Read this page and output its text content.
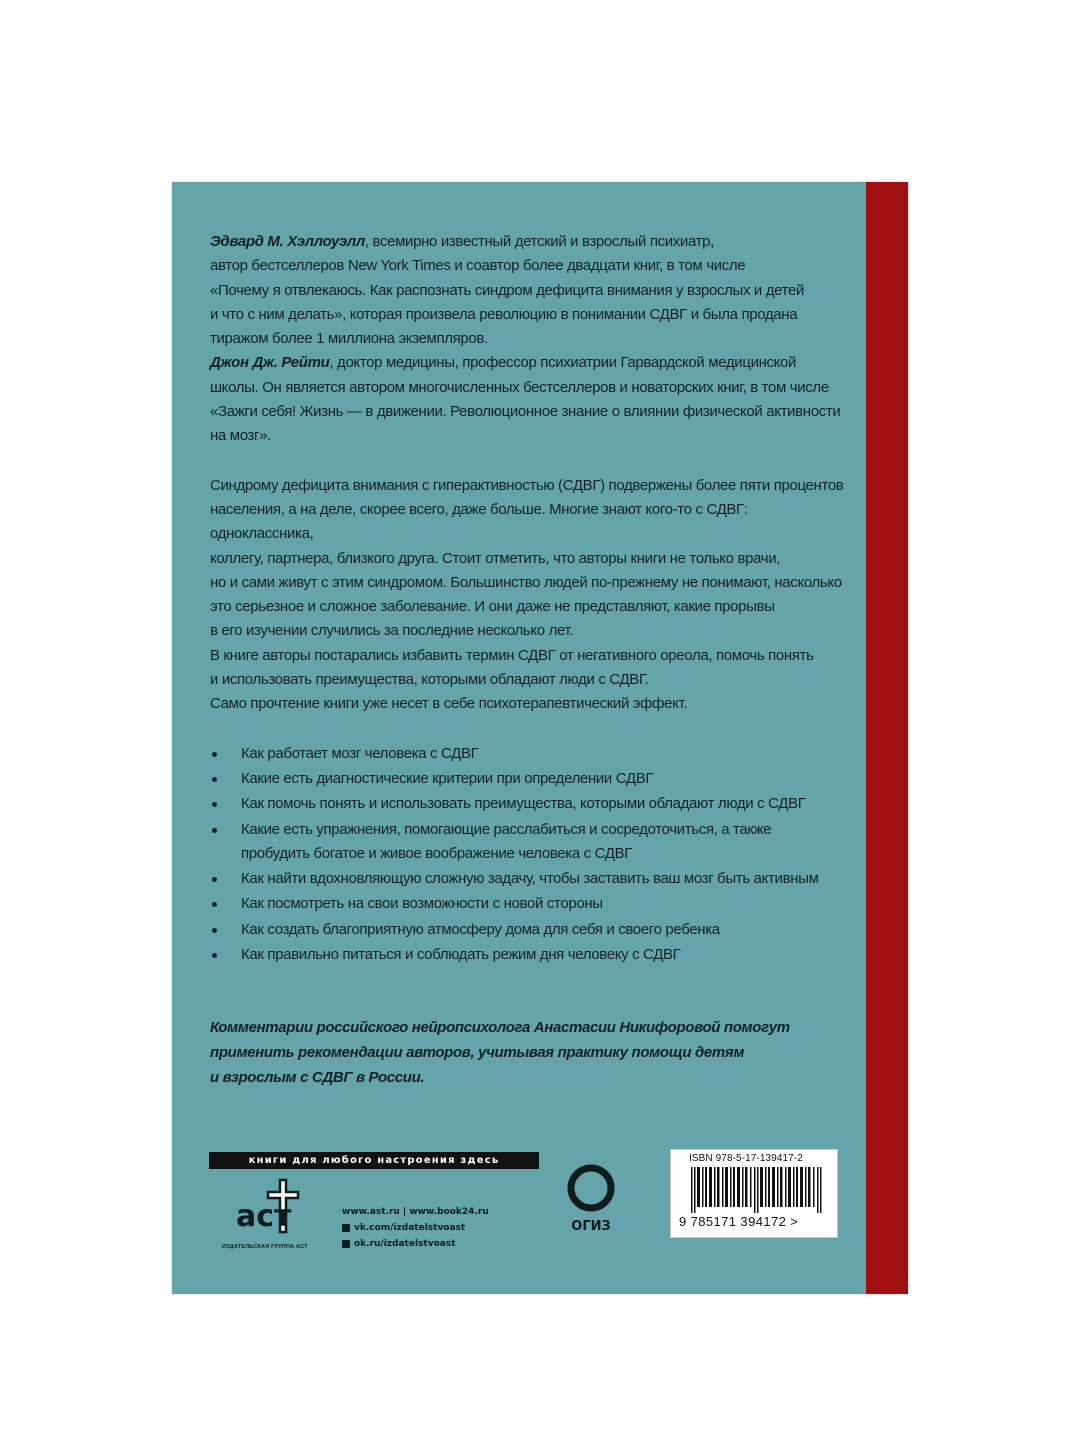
Эдвард М. Хэллоуэлл, всемирно известный детский и взрослый психиатр,
автор бестселлеров New York Times и соавтор более двадцати книг, в том числе
«Почему я отвлекаюсь. Как распознать синдром дефицита внимания у взрослых и детей
и что с ним делать», которая произвела революцию в понимании СДВГ и была продана
тиражом более 1 миллиона экземпляров.
Джон Дж. Рейти, доктор медицины, профессор психиатрии Гарвардской медицинской
школы. Он является автором многочисленных бестселлеров и новаторских книг, в том числе
«Зажги себя! Жизнь — в движении. Революционное знание о влиянии физической активности
на мозг».

Синдрому дефицита внимания с гиперактивностью (СДВГ) подвержены более пяти процентов

населения, а на деле, скорее всего, даже больше. Многие знают кого-то с СДВГ: одноклассника,

коллегу, партнера, близкого друга. Стоит отметить, что авторы книги не только врачи,

но и сами живут с этим синдромом. Большинство людей по-прежнему не понимают, насколько

это серьезное и сложное заболевание. И они даже не представляют, какие прорывы

в его изучении случились за последние несколько лет.

В книге авторы постарались избавить термин СДВГ от негативного ореола, помочь понять

и использовать преимущества, которыми обладают люди с СДВГ.

Само прочтение книги уже несет в себе психотерапевтический эффект.

Как работает мозг человека с СДВГ
Какие есть диагностические критерии при определении СДВГ
Как помочь понять и использовать преимущества, которыми обладают люди с СДВГ
Какие есть упражнения, помогающие расслабиться и сосредоточиться, а также
пробудить богатое и живое воображение человека с СДВГ
Как найти вдохновляющую сложную задачу, чтобы заставить ваш мозг быть активным
Как посмотреть на свои возможности с новой стороны
Как создать благоприятную атмосферу дома для себя и своего ребенка
Как правильно питаться и соблюдать режим дня человеку с СДВГ
Комментарии российского нейропсихолога Анастасии Никифоровой помогут
применить рекомендации авторов, учитывая практику помощи детям
и взрослым с СДВГ в России.
книги для любого настроения здесь
аст
ИЗДАТЕЛЬСКАЯ ГРУППА АСТ
www.ast.ru | www.book24.ru
vk.com/izdatelstvoast
ok.ru/izdatelstvoast
ОГИЗ
ISBN 978-5-17-139417-2
9 785171 394172 >
